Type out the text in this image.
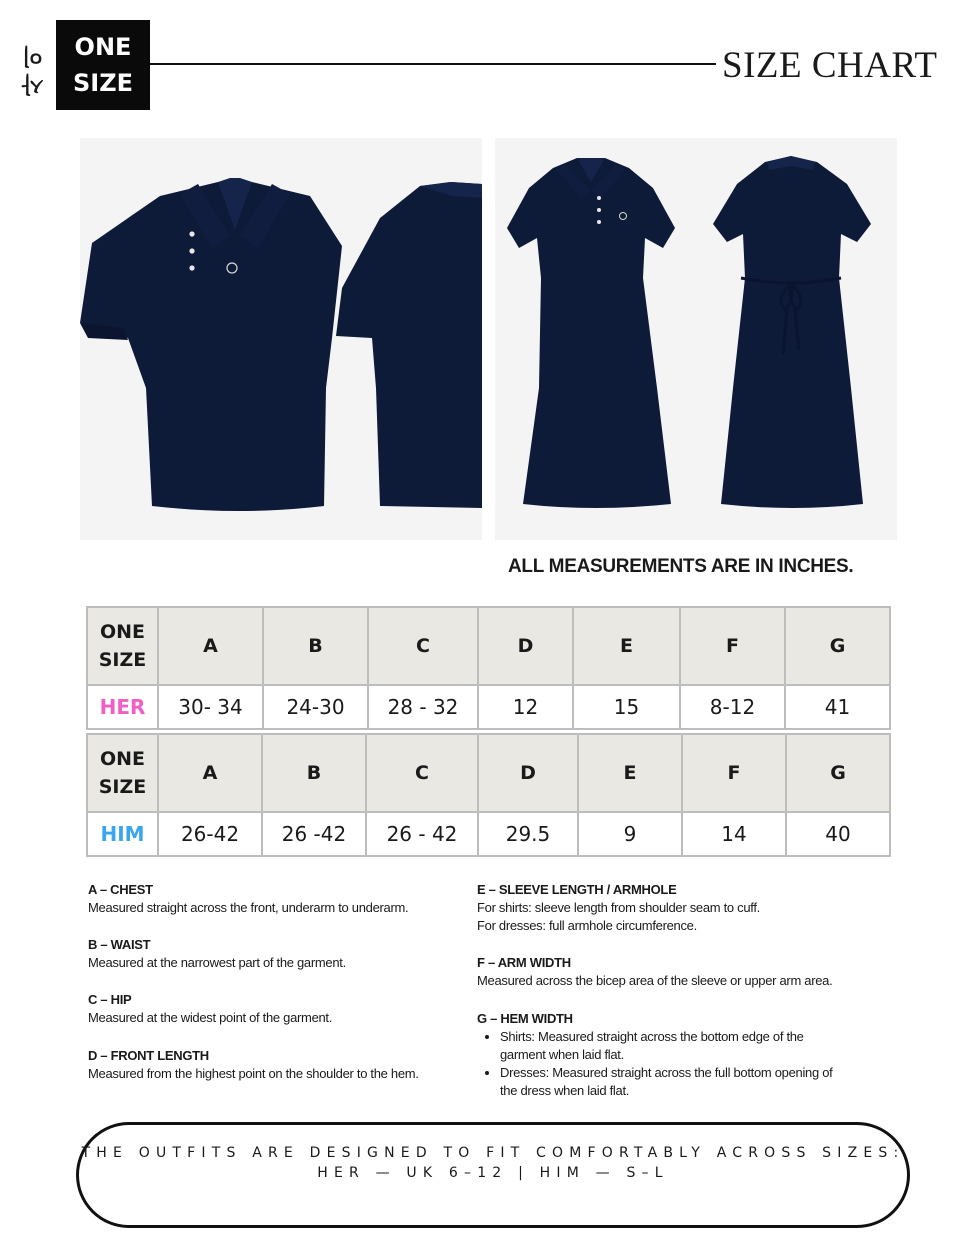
사이 ONE
SIZE	SIZE CHART
ALL MEASUREMENTS ARE IN INCHES.
ONE
SIZE	A	B	C	D	E	F	G
HER	30- 34	24-30	28 - 32	12	15	8-12	41
ONE
SIZE	A	B	C	D	E	F	G
HIM	26-42	26 -42	26 - 42	29.5	9	14	40
A – CHEST
Measured straight across the front, underarm to underarm.
B – WAIST
Measured at the narrowest part of the garment.
C – HIP
Measured at the widest point of the garment.
D – FRONT LENGTH
Measured from the highest point on the shoulder to the hem.
E – SLEEVE LENGTH / ARMHOLE
For shirts: sleeve length from shoulder seam to cuff.
For dresses: full armhole circumference.
F – ARM WIDTH
Measured across the bicep area of the sleeve or upper arm area.
G – HEM WIDTH
• Shirts: Measured straight across the bottom edge of the
garment when laid flat.
• Dresses: Measured straight across the full bottom opening of
the dress when laid flat.
THE OUTFITS ARE DESIGNED TO FIT COMFORTABLY ACROSS SIZES:
HER — UK 6–12 | HIM — S–L
